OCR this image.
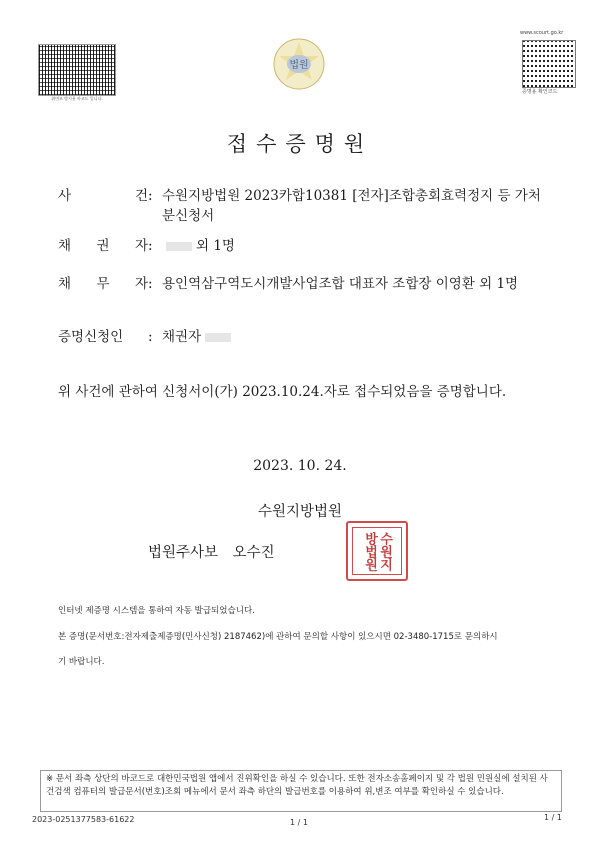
위변조 방지용 바코드 입니다.
법원
www.scourt.go.kr
증명용 확인코드
접수증명원
사	건 : 수원지방법원 2023카합10381 [전자]조합총회효력정지 등 가처분신청서
채 권 자 :	외 1명
채 무 자 : 용인역삼구역도시개발사업조합 대표자 조합장 이영환 외 1명
증명신청인	: 채권자
위 사건에 관하여 신청서이(가) 2023.10.24.자로 접수되었음을 증명합니다.
2023. 10. 24.
수원지방법원
법원주사보 오수진	수원지방법원
인터넷 제증명 시스템을 통하여 자동 발급되었습니다.
본 증명(문서번호:전자제출제증명(민사신청) 2187462)에 관하여 문의할 사항이 있으시면 02-3480-1715로 문의하시
기 바랍니다.
※ 문서 좌측 상단의 바코드로 대한민국법원 앱에서 진위확인을 하실 수 있습니다. 또한 전자소송홈페이지 및 각 법원 민원실에 설치된 사건검색 컴퓨터의 발급문서(번호)조회 메뉴에서 문서 좌측 하단의 발급번호를 이용하여 위,변조 여부를 확인하실 수 있습니다.
2023-0251377583-61622	1 / 1
1 / 1
